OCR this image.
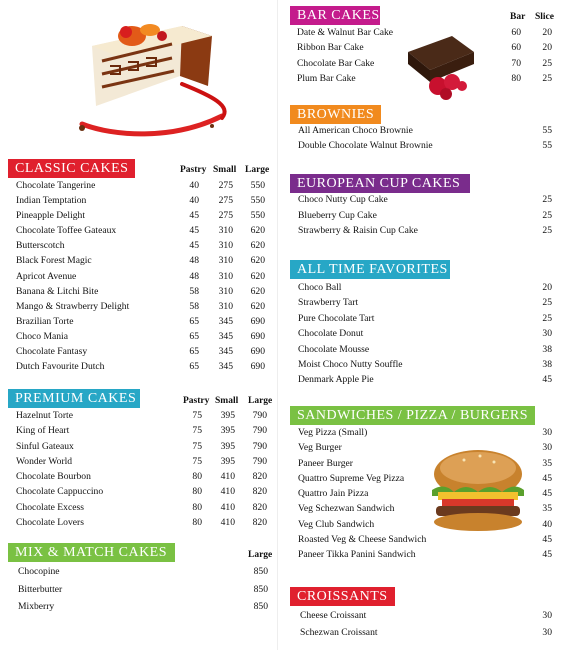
CLASSIC CAKES	Pastry Small Large
Chocolate Tangerine	40 275 550
Indian Temptation	40 275 550
Pineapple Delight	45 275 550
Chocolate Toffee Gateaux	45 310 620
Butterscotch	45 310 620
Black Forest Magic	48 310 620
Apricot Avenue	48 310 620
Banana & Litchi Bite	58 310 620
Mango & Strawberry Delight	58 310 620
Brazilian Torte	65 345 690
Choco Mania	65 345 690
Chocolate Fantasy	65 345 690
Dutch Favourite Dutch	65 345 690
PREMIUM CAKES	Pastry Small Large
Hazelnut Torte	75 395 790
King of Heart	75 395 790
Sinful Gateaux	75 395 790
Wonder World	75 395 790
Chocolate Bourbon	80 410 820
Chocolate Cappuccino	80 410 820
Chocolate Excess	80 410 820
Chocolate Lovers	80 410 820
MIX & MATCH CAKES	Large
Chocopine	850
Bitterbutter	850
Mixberry	850
BAR CAKES	Bar Slice
Date & Walnut Bar Cake	60 20
Ribbon Bar Cake	60 20
Chocolate Bar Cake	70 25
Plum Bar Cake	80 25
BROWNIES
All American Choco Brownie	55
Double Chocolate Walnut Brownie	55
EUROPEAN CUP CAKES
Choco Nutty Cup Cake	25
Blueberry Cup Cake	25
Strawberry & Raisin Cup Cake	25
ALL TIME FAVORITES
Choco Ball	20
Strawberry Tart	25
Pure Chocolate Tart	25
Chocolate Donut	30
Chocolate Mousse	38
Moist Choco Nutty Souffle	38
Denmark Apple Pie	45
SANDWICHES / PIZZA / BURGERS
Veg Pizza (Small)	30
Veg Burger	30
Paneer Burger	35
Quattro Supreme Veg Pizza	45
Quattro Jain Pizza	45
Veg Schezwan Sandwich	35
Veg Club Sandwich	40
Roasted Veg & Cheese Sandwich	45
Paneer Tikka Panini Sandwich	45
CROISSANTS
Cheese Croissant	30
Schezwan Croissant	30
